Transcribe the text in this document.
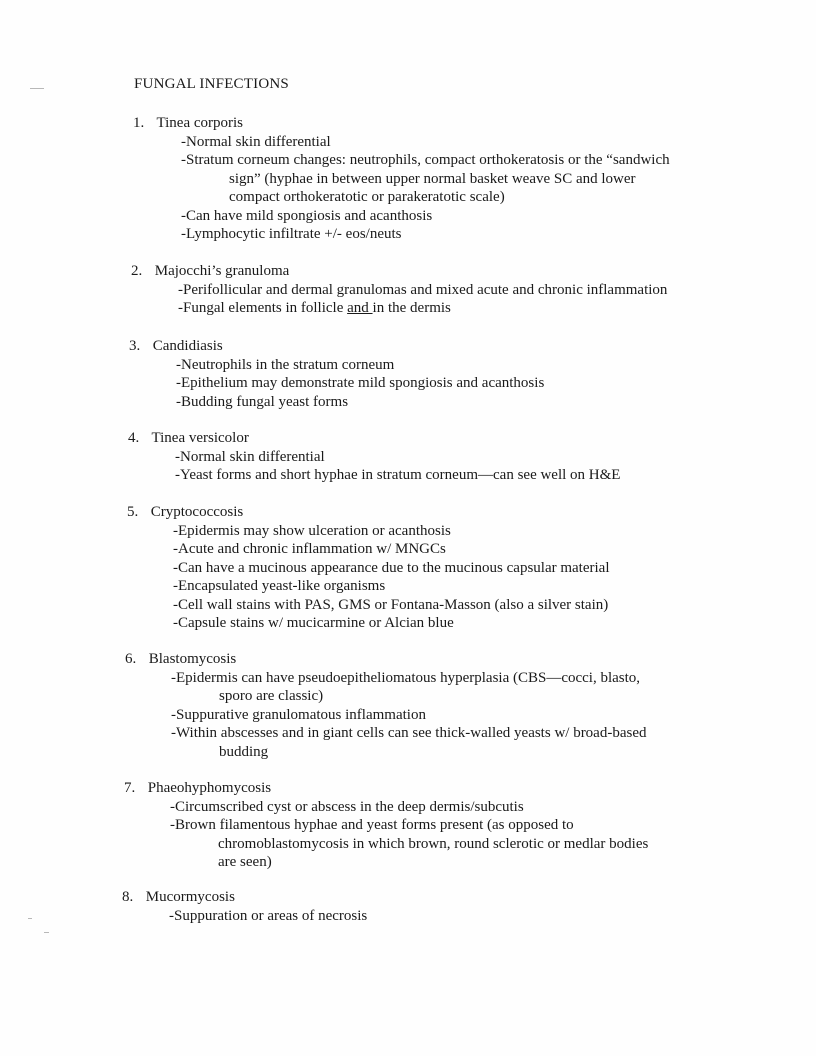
FUNGAL INFECTIONS
1. Tinea corporis
-Normal skin differential
-Stratum corneum changes: neutrophils, compact orthokeratosis or the “sandwich
sign” (hyphae in between upper normal basket weave SC and lower
compact orthokeratotic or parakeratotic scale)
-Can have mild spongiosis and acanthosis
-Lymphocytic infiltrate +/- eos/neuts
2. Majocchi’s granuloma
-Perifollicular and dermal granulomas and mixed acute and chronic inflammation
-Fungal elements in follicle and in the dermis
3. Candidiasis
-Neutrophils in the stratum corneum
-Epithelium may demonstrate mild spongiosis and acanthosis
-Budding fungal yeast forms
4. Tinea versicolor
-Normal skin differential
-Yeast forms and short hyphae in stratum corneum—can see well on H&E
5. Cryptococcosis
-Epidermis may show ulceration or acanthosis
-Acute and chronic inflammation w/ MNGCs
-Can have a mucinous appearance due to the mucinous capsular material
-Encapsulated yeast-like organisms
-Cell wall stains with PAS, GMS or Fontana-Masson (also a silver stain)
-Capsule stains w/ mucicarmine or Alcian blue
6. Blastomycosis
-Epidermis can have pseudoepitheliomatous hyperplasia (CBS—cocci, blasto,
sporo are classic)
-Suppurative granulomatous inflammation
-Within abscesses and in giant cells can see thick-walled yeasts w/ broad-based
budding
7. Phaeohyphomycosis
-Circumscribed cyst or abscess in the deep dermis/subcutis
-Brown filamentous hyphae and yeast forms present (as opposed to
chromoblastomycosis in which brown, round sclerotic or medlar bodies
are seen)
8. Mucormycosis
-Suppuration or areas of necrosis
